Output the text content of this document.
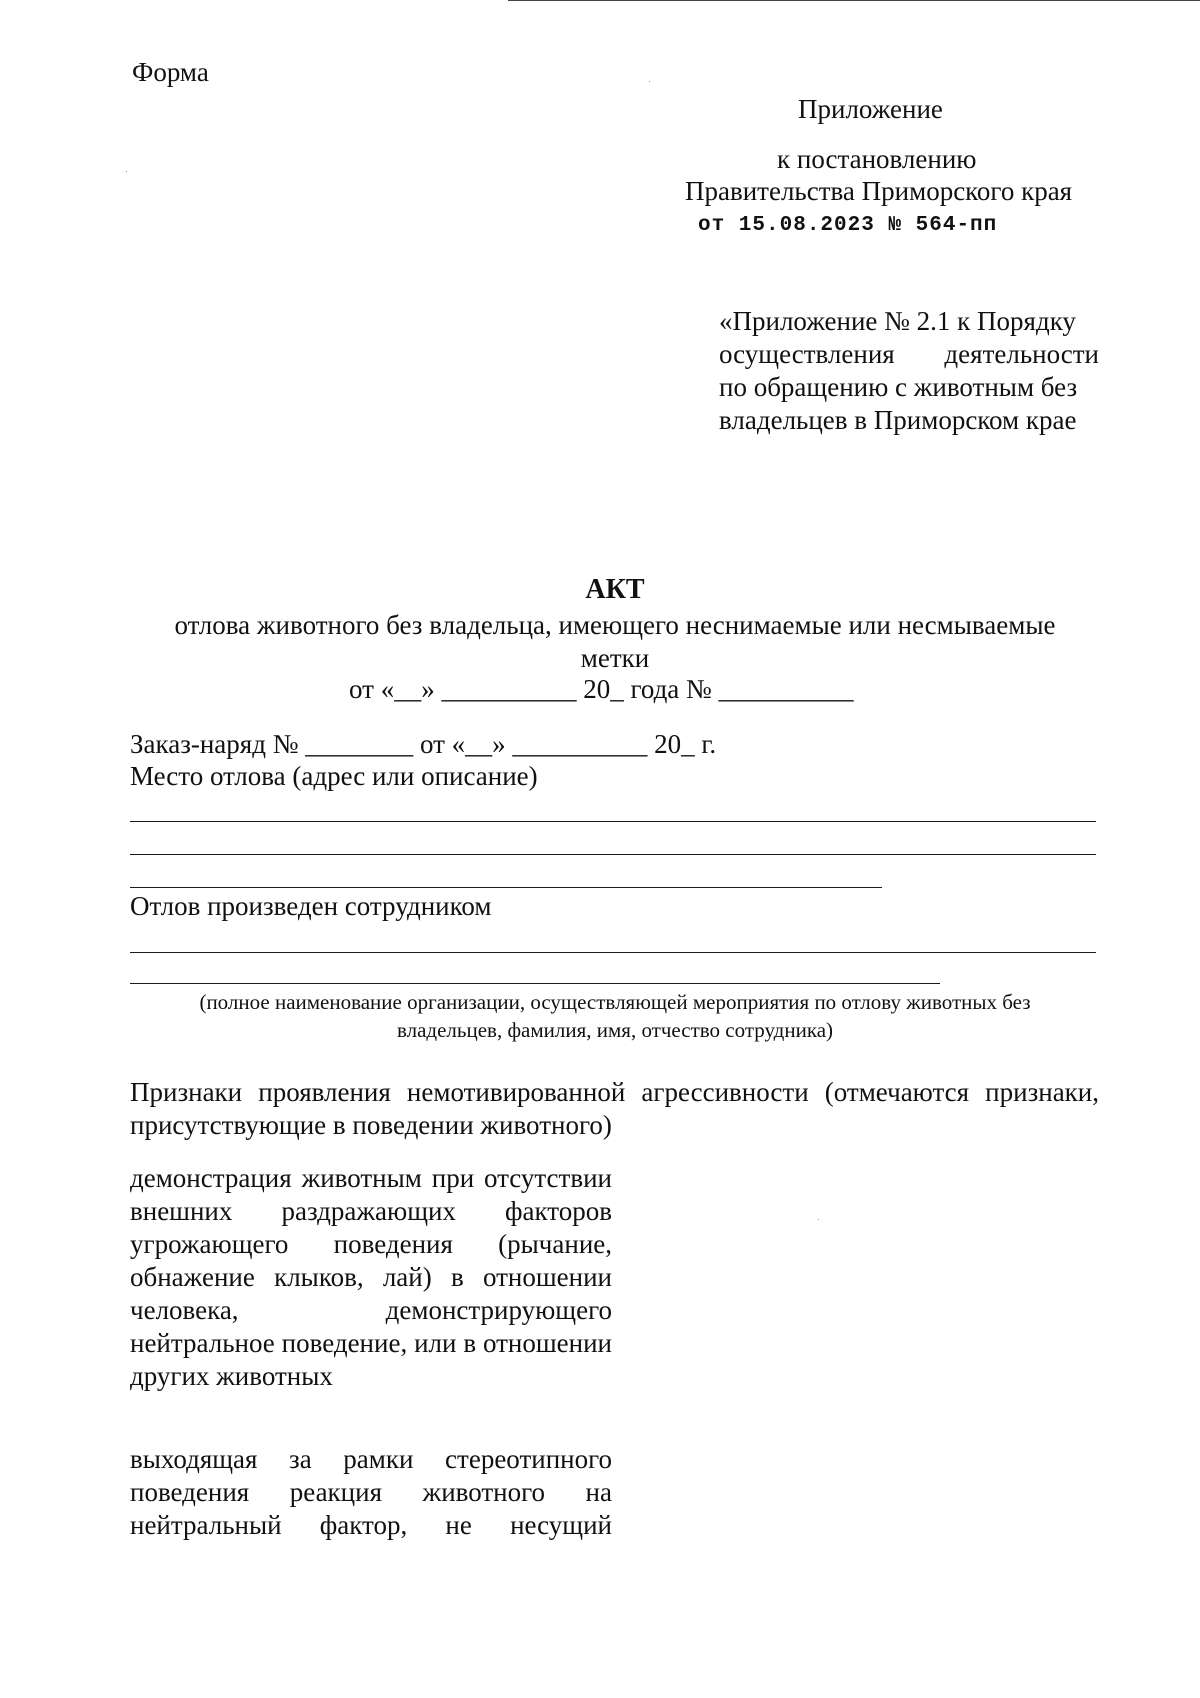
Форма
Приложение
к постановлению
Правительства Приморского края
от 15.08.2023 № 564-пп
«Приложение № 2.1 к Порядку
осуществления деятельности
по обращению с животным без
владельцев в Приморском крае
АКТ
отлова животного без владельца, имеющего неснимаемые или несмываемые
метки
от «__» __________ 20_ года № __________
Заказ-наряд № ________ от «__» __________ 20_ г.
Место отлова (адрес или описание)
Отлов произведен сотрудником
(полное наименование организации, осуществляющей мероприятия по отлову животных без
владельцев, фамилия, имя, отчество сотрудника)
Признаки проявления немотивированной агрессивности (отмечаются признаки, присутствующие в поведении животного)
демонстрация животным при отсутствии внешних раздражающих факторов угрожающего поведения (рычание, обнажение клыков, лай) в отношении человека, демонстрирующего нейтральное поведение, или в отношении других животных
выходящая за рамки стереотипного поведения реакция животного на нейтральный фактор, не несущий
